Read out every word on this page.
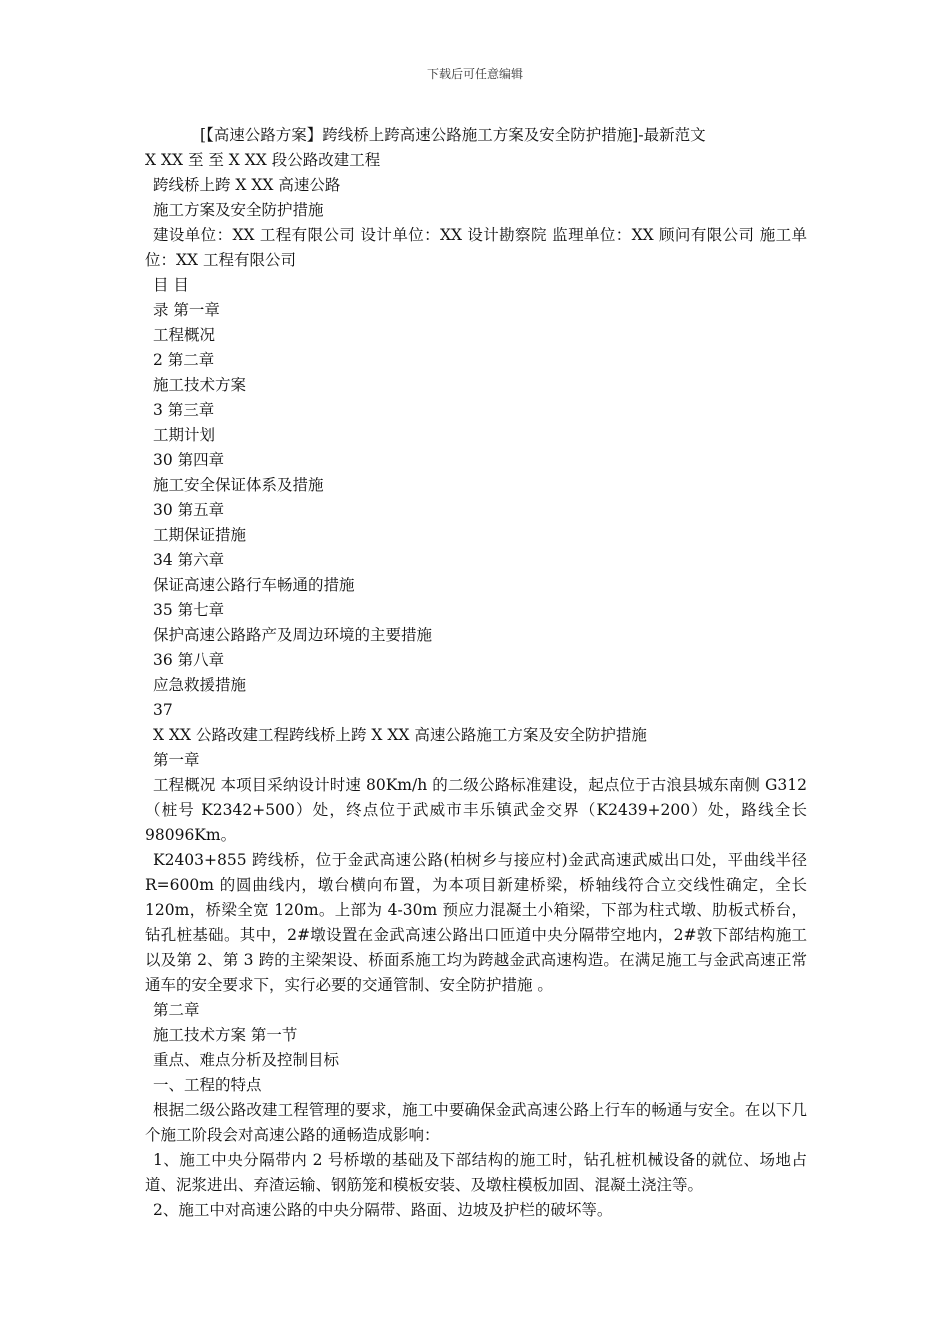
下载后可任意编辑

[【高速公路方案】跨线桥上跨高速公路施工方案及安全防护措施]-最新范文

X XX 至 至 X XX 段公路改建工程

跨线桥上跨 X XX 高速公路

施工方案及安全防护措施

建设单位：XX 工程有限公司 设计单位：XX 设计勘察院 监理单位：XX 顾问有限公司 施工单位：XX 工程有限公司

目 目

录 第一章

工程概况

2 第二章

施工技术方案

3 第三章

工期计划

30 第四章

施工安全保证体系及措施

30 第五章

工期保证措施

34 第六章

保证高速公路行车畅通的措施

35 第七章

保护高速公路路产及周边环境的主要措施

36 第八章

应急救援措施

37

X XX 公路改建工程跨线桥上跨 X XX 高速公路施工方案及安全防护措施

第一章

工程概况 本项目采纳设计时速 80Km/h 的二级公路标准建设，起点位于古浪县城东南侧 G312（桩号 K2342+500）处，终点位于武威市丰乐镇武金交界（K2439+200）处，路线全长 98096Km。

K2403+855 跨线桥，位于金武高速公路(柏树乡与接应村)金武高速武威出口处，平曲线半径 R=600m 的圆曲线内，墩台横向布置，为本项目新建桥梁，桥轴线符合立交线性确定，全长 120m，桥梁全宽 120m。上部为 4-30m 预应力混凝土小箱梁，下部为柱式墩、肋板式桥台，钻孔桩基础。其中，2#墩设置在金武高速公路出口匝道中央分隔带空地内，2#敦下部结构施工以及第 2、第 3 跨的主梁架设、桥面系施工均为跨越金武高速构造。在满足施工与金武高速正常通车的安全要求下，实行必要的交通管制、安全防护措施 。

第二章

施工技术方案 第一节

重点、难点分析及控制目标

一、工程的特点

根据二级公路改建工程管理的要求，施工中要确保金武高速公路上行车的畅通与安全。在以下几个施工阶段会对高速公路的通畅造成影响：

1、施工中央分隔带内 2 号桥墩的基础及下部结构的施工时，钻孔桩机械设备的就位、场地占道、泥浆进出、弃渣运输、钢筋笼和模板安装、及墩柱模板加固、混凝土浇注等。

2、施工中对高速公路的中央分隔带、路面、边坡及护栏的破坏等。
